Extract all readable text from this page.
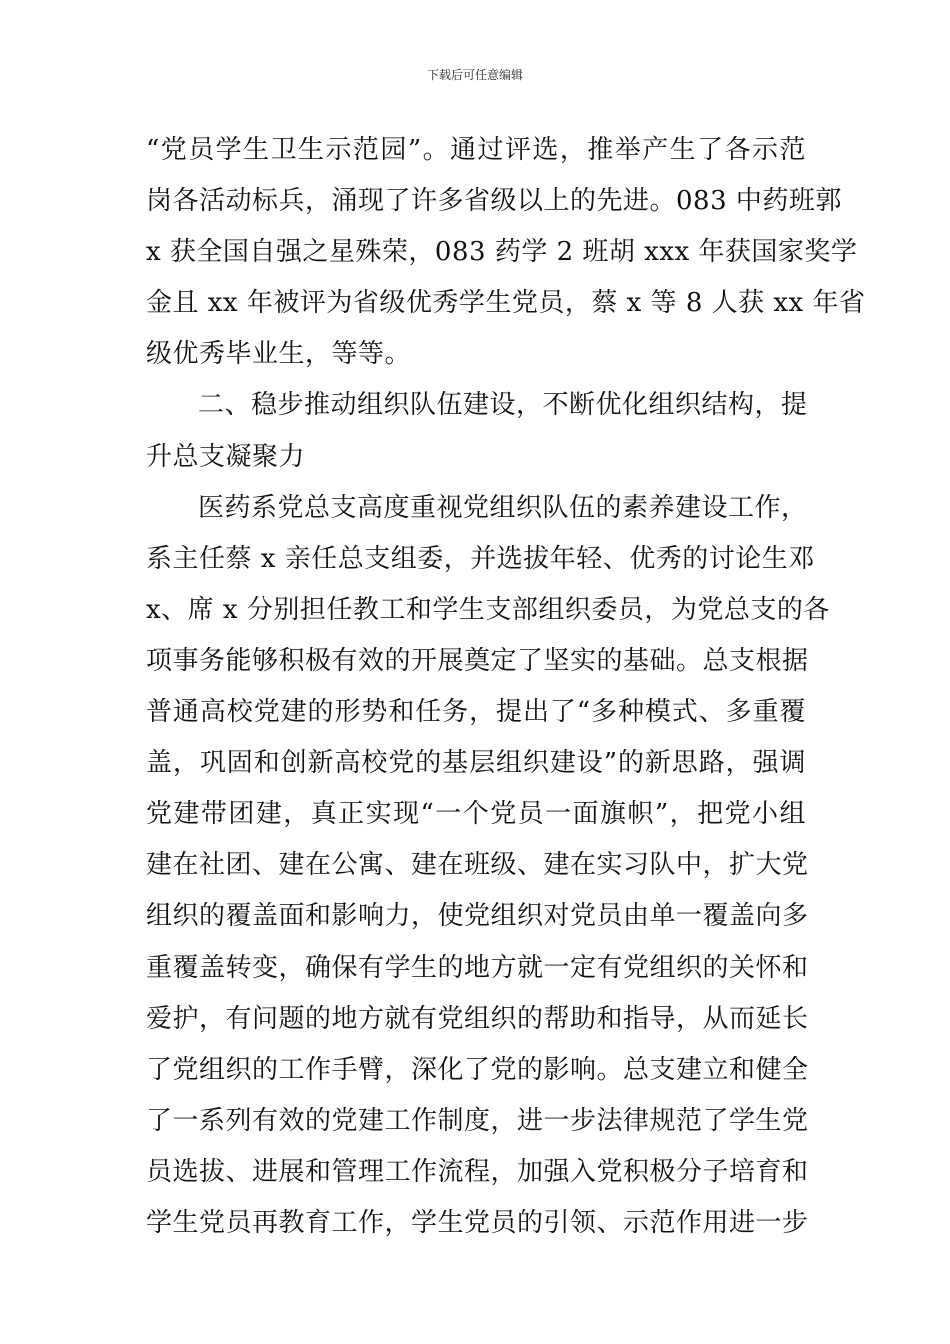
下载后可任意编辑
“党员学生卫生示范园”。通过评选，推举产生了各示范
岗各活动标兵，涌现了许多省级以上的先进。083 中药班郭
x 获全国自强之星殊荣，083 药学 2 班胡 xxx 年获国家奖学
金且 xx 年被评为省级优秀学生党员，蔡 x 等 8 人获 xx 年省
级优秀毕业生，等等。
二、稳步推动组织队伍建设，不断优化组织结构，提
升总支凝聚力
医药系党总支高度重视党组织队伍的素养建设工作，
系主任蔡 x 亲任总支组委，并选拔年轻、优秀的讨论生邓
x、席 x 分别担任教工和学生支部组织委员，为党总支的各
项事务能够积极有效的开展奠定了坚实的基础。总支根据
普通高校党建的形势和任务，提出了“多种模式、多重覆
盖，巩固和创新高校党的基层组织建设”的新思路，强调
党建带团建，真正实现“一个党员一面旗帜”，把党小组
建在社团、建在公寓、建在班级、建在实习队中，扩大党
组织的覆盖面和影响力，使党组织对党员由单一覆盖向多
重覆盖转变，确保有学生的地方就一定有党组织的关怀和
爱护，有问题的地方就有党组织的帮助和指导，从而延长
了党组织的工作手臂，深化了党的影响。总支建立和健全
了一系列有效的党建工作制度，进一步法律规范了学生党
员选拔、进展和管理工作流程，加强入党积极分子培育和
学生党员再教育工作，学生党员的引领、示范作用进一步
